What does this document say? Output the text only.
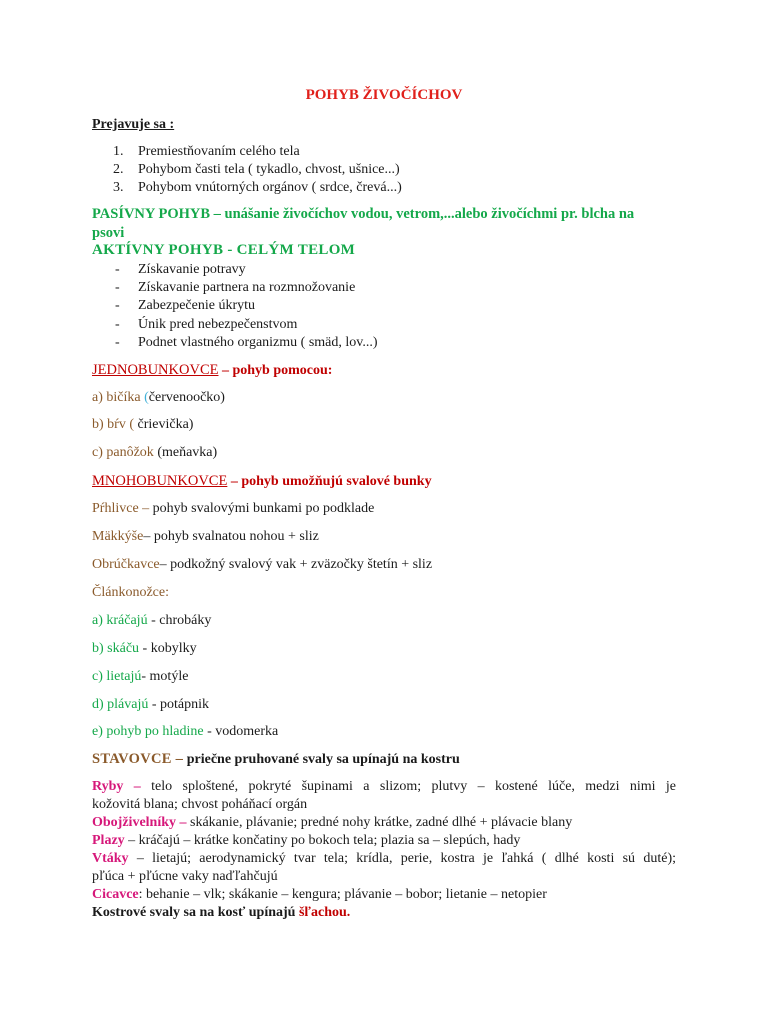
POHYB ŽIVOČÍCHOV
Prejavuje sa :
1. Premiestňovaním celého tela
2. Pohybom časti tela ( tykadlo, chvost, ušnice...)
3. Pohybom vnútorných orgánov ( srdce, črevá...)
PASÍVNY POHYB – unášanie živočíchov vodou, vetrom,...alebo živočíchmi pr. blcha na
psovi
AKTÍVNY POHYB - CELÝM TELOM
- Získavanie potravy
- Získavanie partnera na rozmnožovanie
- Zabezpečenie úkrytu
- Únik pred nebezpečenstvom
- Podnet vlastného organizmu ( smäd, lov...)
JEDNOBUNKOVCE – pohyb pomocou:
a) bičíka (červenoočko)
b) bŕv ( črievička)
c) panôžok (meňavka)
MNOHOBUNKOVCE – pohyb umožňujú svalové bunky
Pŕhlivce – pohyb svalovými bunkami po podklade
Mäkkýše– pohyb svalnatou nohou + sliz
Obrúčkavce– podkožný svalový vak + zväzočky štetín + sliz
Článkonožce:
a) kráčajú - chrobáky
b) skáču - kobylky
c) lietajú- motýle
d) plávajú - potápnik
e) pohyb po hladine - vodomerka
STAVOVCE – priečne pruhované svaly sa upínajú na kostru
Ryby – telo sploštené, pokryté šupinami a slizom; plutvy – kostené lúče, medzi nimi je
kožovitá blana; chvost poháňací orgán
Obojživelníky – skákanie, plávanie; predné nohy krátke, zadné dlhé + plávacie blany
Plazy – kráčajú – krátke končatiny po bokoch tela; plazia sa – slepúch, hady
Vtáky – lietajú; aerodynamický tvar tela; krídla, perie, kostra je ľahká ( dlhé kosti sú duté);
pľúca + pľúcne vaky naďľahčujú
Cicavce: behanie – vlk; skákanie – kengura; plávanie – bobor; lietanie – netopier
Kostrové svaly sa na kosť upínajú šľachou.
